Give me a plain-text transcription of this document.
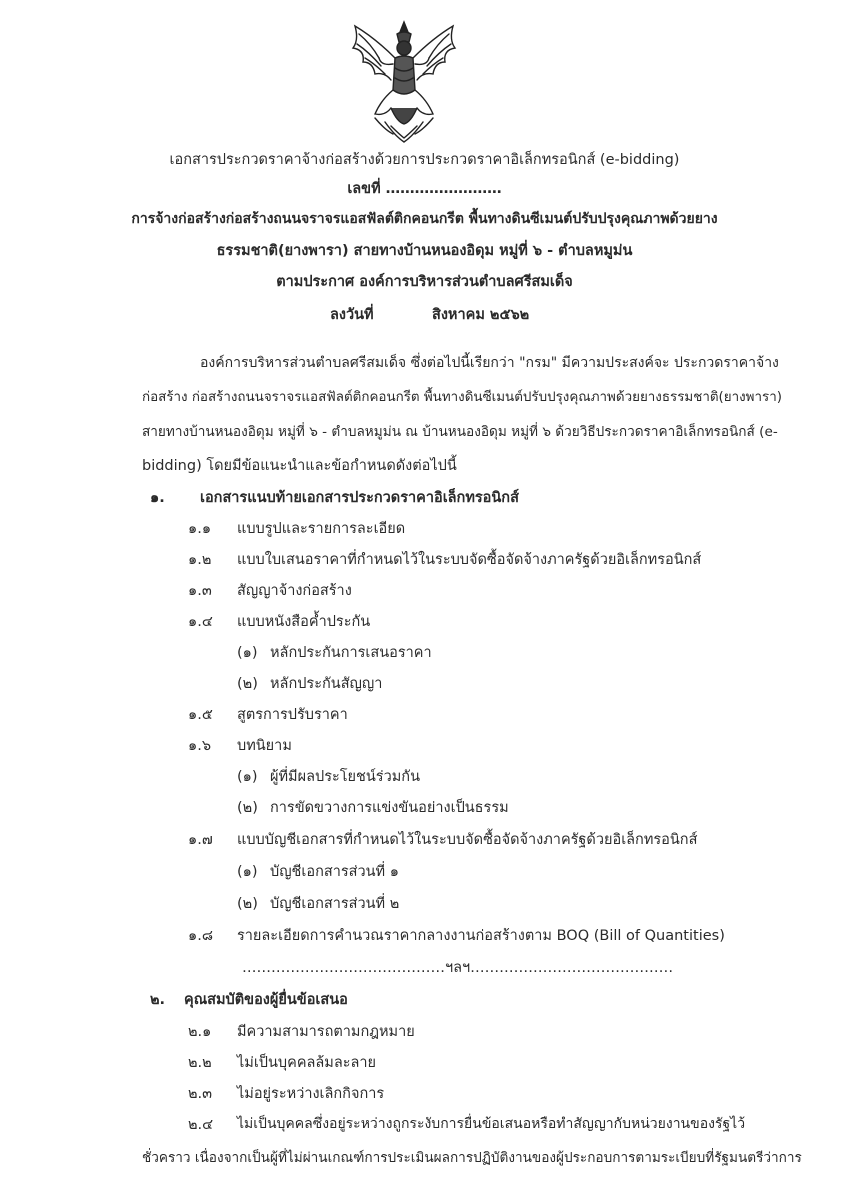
เอกสารประกวดราคาจ้างก่อสร้างด้วยการประกวดราคาอิเล็กทรอนิกส์ (e-bidding)
เลขที่ ……………………
การจ้างก่อสร้างก่อสร้างถนนจราจรแอสฟัลต์ติกคอนกรีต พื้นทางดินซีเมนต์ปรับปรุงคุณภาพด้วยยาง
ธรรมชาติ(ยางพารา) สายทางบ้านหนองอิดุม หมู่ที่ ๖ - ตำบลหมูม่น
ตามประกาศ องค์การบริหารส่วนตำบลศรีสมเด็จ
ลงวันที่	สิงหาคม ๒๕๖๒
องค์การบริหารส่วนตำบลศรีสมเด็จ ซึ่งต่อไปนี้เรียกว่า "กรม" มีความประสงค์จะ ประกวดราคาจ้าง
ก่อสร้าง ก่อสร้างถนนจราจรแอสฟัลต์ติกคอนกรีต พื้นทางดินซีเมนต์ปรับปรุงคุณภาพด้วยยางธรรมชาติ(ยางพารา)
สายทางบ้านหนองอิดุม หมู่ที่ ๖ - ตำบลหมูม่น ณ บ้านหนองอิดุม หมู่ที่ ๖ ด้วยวิธีประกวดราคาอิเล็กทรอนิกส์ (e-
bidding) โดยมีข้อแนะนำและข้อกำหนดดังต่อไปนี้
๑. เอกสารแนบท้ายเอกสารประกวดราคาอิเล็กทรอนิกส์
๑.๑ แบบรูปและรายการละเอียด
๑.๒ แบบใบเสนอราคาที่กำหนดไว้ในระบบจัดซื้อจัดจ้างภาครัฐด้วยอิเล็กทรอนิกส์
๑.๓ สัญญาจ้างก่อสร้าง
๑.๔ แบบหนังสือค้ำประกัน
(๑) หลักประกันการเสนอราคา
(๒) หลักประกันสัญญา
๑.๕ สูตรการปรับราคา
๑.๖ บทนิยาม
(๑) ผู้ที่มีผลประโยชน์ร่วมกัน
(๒) การขัดขวางการแข่งขันอย่างเป็นธรรม
๑.๗ แบบบัญชีเอกสารที่กำหนดไว้ในระบบจัดซื้อจัดจ้างภาครัฐด้วยอิเล็กทรอนิกส์
(๑) บัญชีเอกสารส่วนที่ ๑
(๒) บัญชีเอกสารส่วนที่ ๒
๑.๘ รายละเอียดการคำนวณราคากลางงานก่อสร้างตาม BOQ (Bill of Quantities)
……………………………………ฯลฯ……………………………………
๒. คุณสมบัติของผู้ยื่นข้อเสนอ
๒.๑ มีความสามารถตามกฎหมาย
๒.๒ ไม่เป็นบุคคลล้มละลาย
๒.๓ ไม่อยู่ระหว่างเลิกกิจการ
๒.๔ ไม่เป็นบุคคลซึ่งอยู่ระหว่างถูกระงับการยื่นข้อเสนอหรือทำสัญญากับหน่วยงานของรัฐไว้
ชั่วคราว เนื่องจากเป็นผู้ที่ไม่ผ่านเกณฑ์การประเมินผลการปฏิบัติงานของผู้ประกอบการตามระเบียบที่รัฐมนตรีว่าการ
